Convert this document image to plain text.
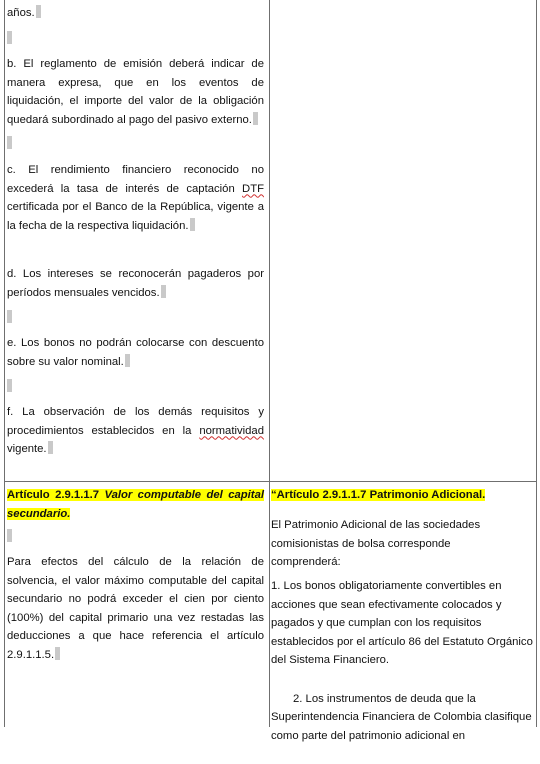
años.
b. El reglamento de emisión deberá indicar de manera expresa, que en los eventos de liquidación, el importe del valor de la obligación quedará subordinado al pago del pasivo externo.
c. El rendimiento financiero reconocido no excederá la tasa de interés de captación DTF certificada por el Banco de la República, vigente a la fecha de la respectiva liquidación.
d. Los intereses se reconocerán pagaderos por períodos mensuales vencidos.
e. Los bonos no podrán colocarse con descuento sobre su valor nominal.
f. La observación de los demás requisitos y procedimientos establecidos en la normatividad vigente.
Artículo 2.9.1.1.7 Valor computable del capital secundario.
Para efectos del cálculo de la relación de solvencia, el valor máximo computable del capital secundario no podrá exceder el cien por ciento (100%) del capital primario una vez restadas las deducciones a que hace referencia el artículo 2.9.1.1.5.
“Artículo 2.9.1.1.7 Patrimonio Adicional.
El Patrimonio Adicional de las sociedades comisionistas de bolsa corresponde comprenderá:
1. Los bonos obligatoriamente convertibles en acciones que sean efectivamente colocados y pagados y que cumplan con los requisitos establecidos por el artículo 86 del Estatuto Orgánico del Sistema Financiero.

2. Los instrumentos de deuda que la Superintendencia Financiera de Colombia clasifique como parte del patrimonio adicional en
